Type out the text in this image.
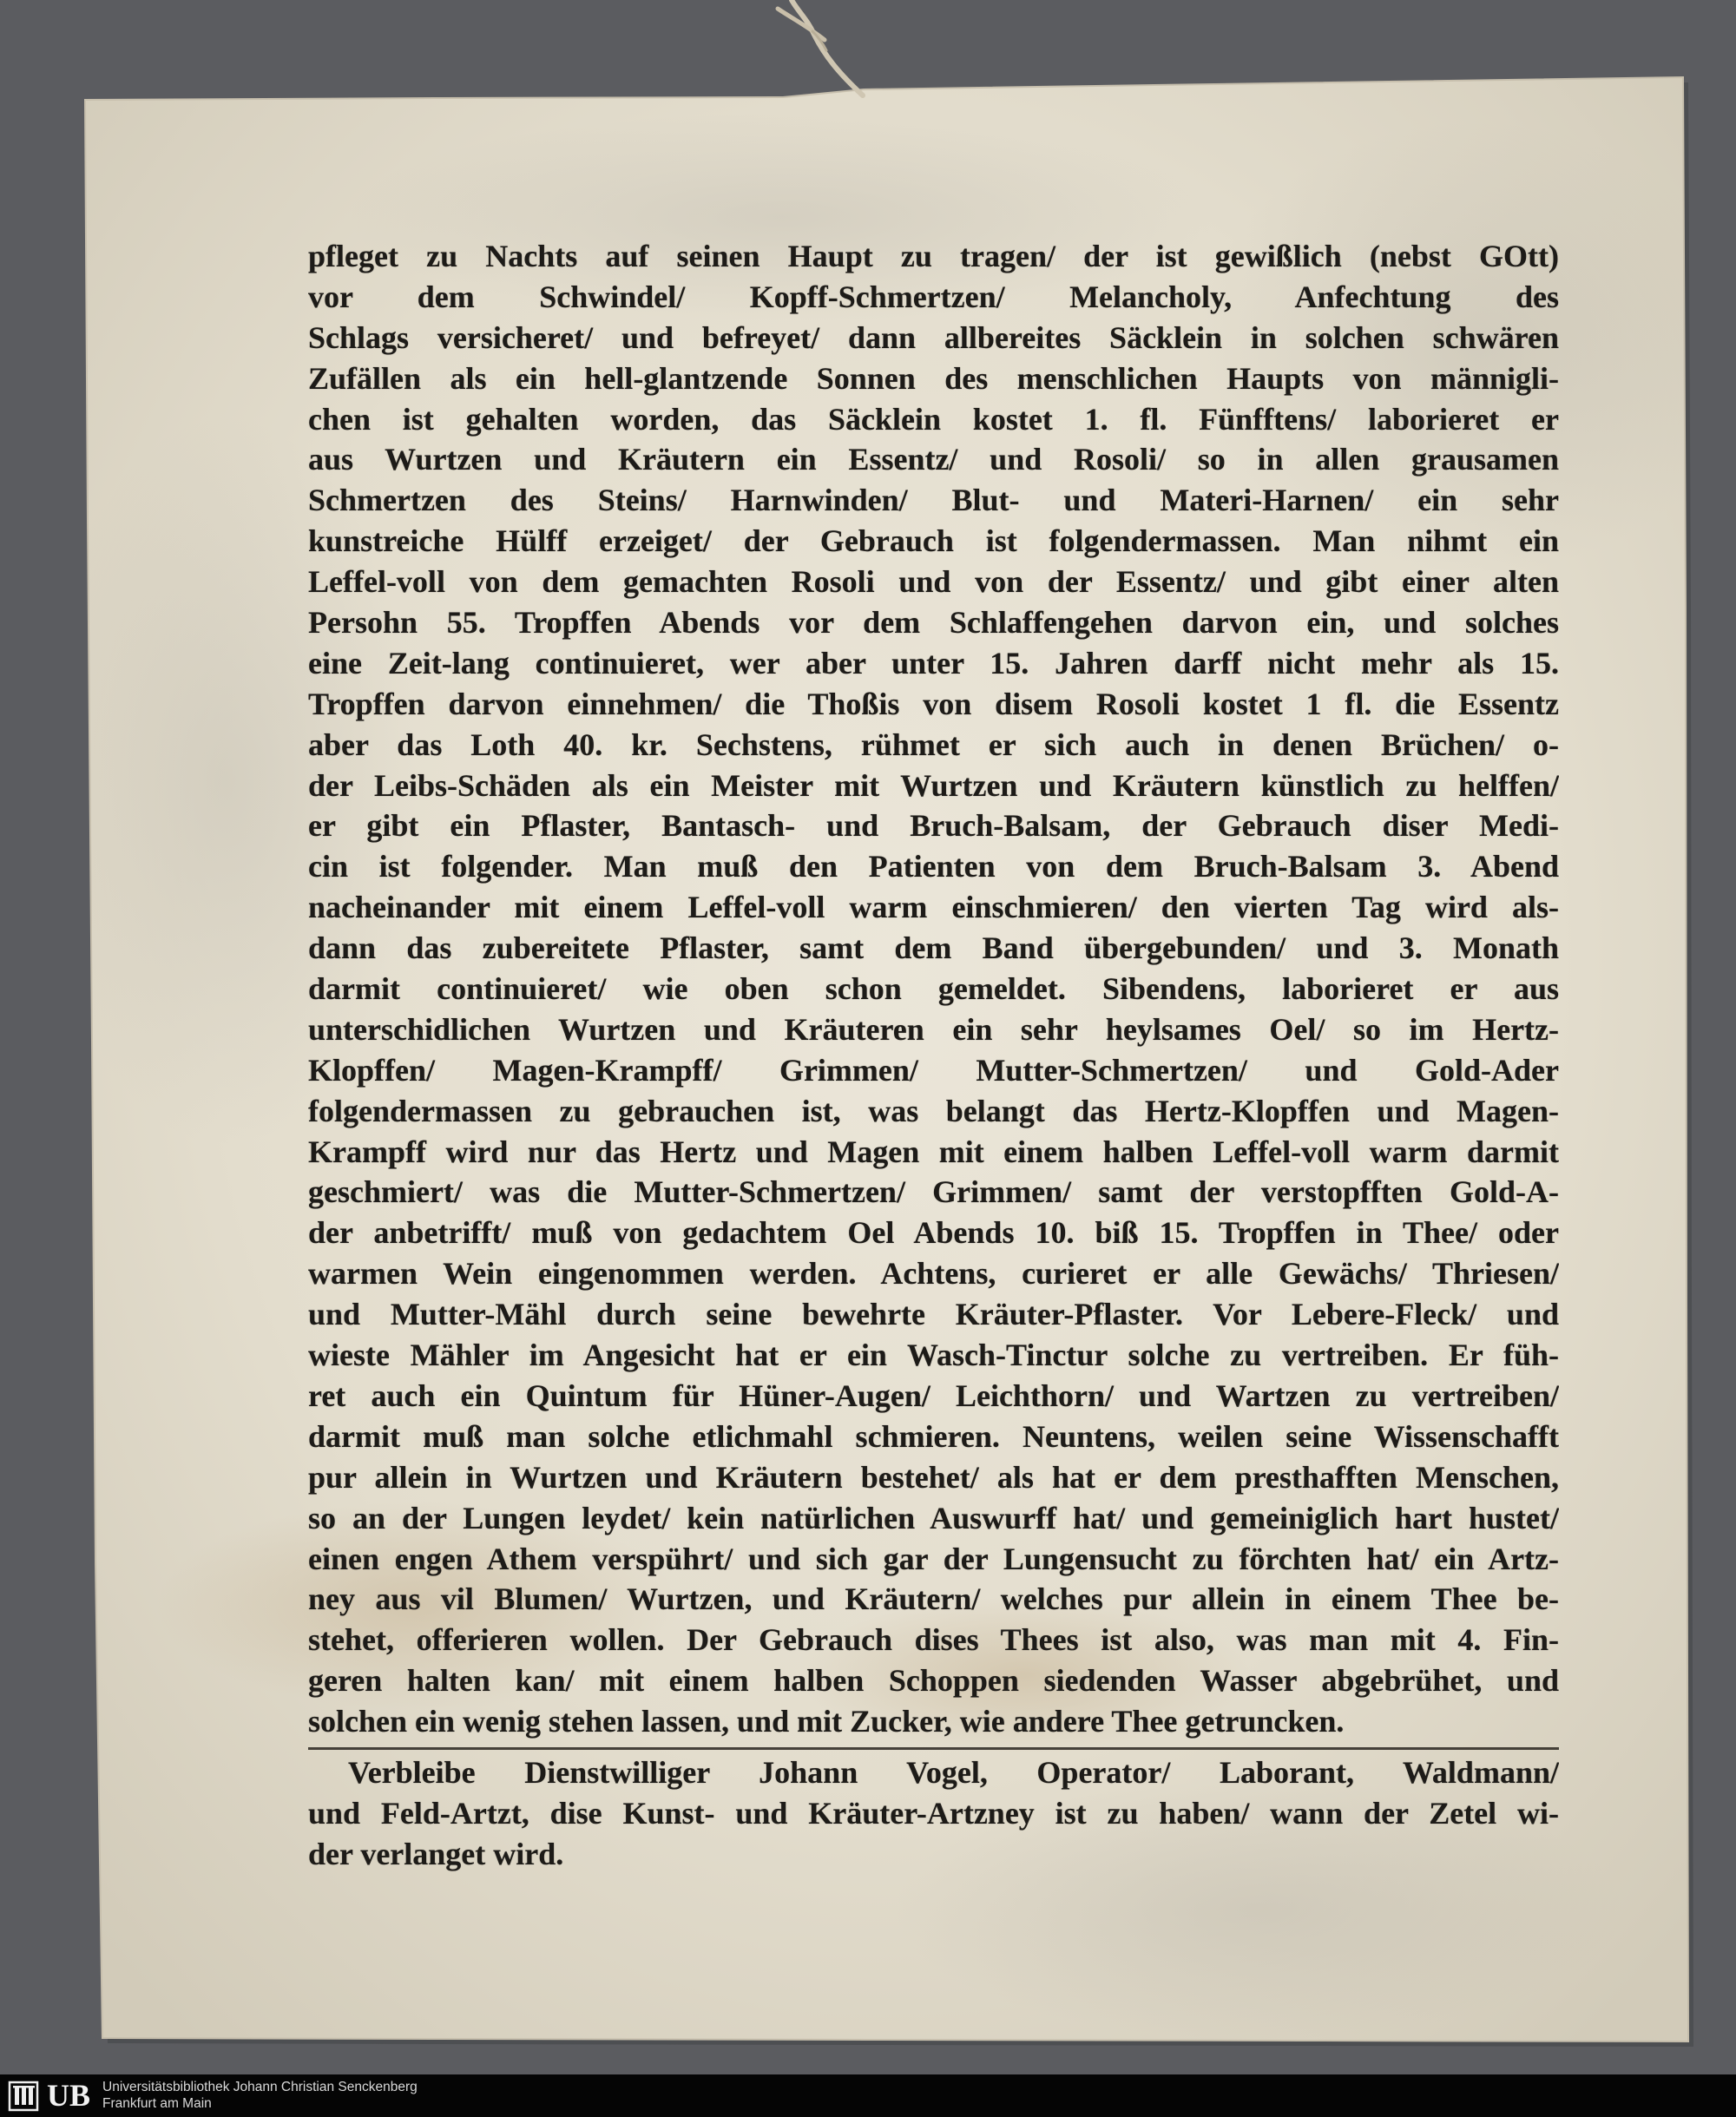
pfleget zu Nachts auf seinen Haupt zu tragen/ der ist gewißlich (nebst GOtt)
vor dem Schwindel/ Kopff-Schmertzen/ Melancholy, Anfechtung des
Schlags versicheret/ und befreyet/ dann allbereites Säcklein in solchen schwären
Zufällen als ein hell-glantzende Sonnen des menschlichen Haupts von männigli-
chen ist gehalten worden, das Säcklein kostet 1. fl. Fünfftens/ laborieret er
aus Wurtzen und Kräutern ein Essentz/ und Rosoli/ so in allen grausamen
Schmertzen des Steins/ Harnwinden/ Blut- und Materi-Harnen/ ein sehr
kunstreiche Hülff erzeiget/ der Gebrauch ist folgendermassen. Man nihmt ein
Leffel-voll von dem gemachten Rosoli und von der Essentz/ und gibt einer alten
Persohn 55. Tropffen Abends vor dem Schlaffengehen darvon ein, und solches
eine Zeit-lang continuieret, wer aber unter 15. Jahren darff nicht mehr als 15.
Tropffen darvon einnehmen/ die Thoßis von disem Rosoli kostet 1 fl. die Essentz
aber das Loth 40. kr. Sechstens, rühmet er sich auch in denen Brüchen/ o-
der Leibs-Schäden als ein Meister mit Wurtzen und Kräutern künstlich zu helffen/
er gibt ein Pflaster, Bantasch- und Bruch-Balsam, der Gebrauch diser Medi-
cin ist folgender. Man muß den Patienten von dem Bruch-Balsam 3. Abend
nacheinander mit einem Leffel-voll warm einschmieren/ den vierten Tag wird als-
dann das zubereitete Pflaster, samt dem Band übergebunden/ und 3. Monath
darmit continuieret/ wie oben schon gemeldet. Sibendens, laborieret er aus
unterschidlichen Wurtzen und Kräuteren ein sehr heylsames Oel/ so im Hertz-
Klopffen/ Magen-Krampff/ Grimmen/ Mutter-Schmertzen/ und Gold-Ader
folgendermassen zu gebrauchen ist, was belangt das Hertz-Klopffen und Magen-
Krampff wird nur das Hertz und Magen mit einem halben Leffel-voll warm darmit
geschmiert/ was die Mutter-Schmertzen/ Grimmen/ samt der verstopfften Gold-A-
der anbetrifft/ muß von gedachtem Oel Abends 10. biß 15. Tropffen in Thee/ oder
warmen Wein eingenommen werden. Achtens, curieret er alle Gewächs/ Thriesen/
und Mutter-Mähl durch seine bewehrte Kräuter-Pflaster. Vor Lebere-Fleck/ und
wieste Mähler im Angesicht hat er ein Wasch-Tinctur solche zu vertreiben. Er füh-
ret auch ein Quintum für Hüner-Augen/ Leichthorn/ und Wartzen zu vertreiben/
darmit muß man solche etlichmahl schmieren. Neuntens, weilen seine Wissenschafft
pur allein in Wurtzen und Kräutern bestehet/ als hat er dem presthafften Menschen,
so an der Lungen leydet/ kein natürlichen Auswurff hat/ und gemeiniglich hart hustet/
einen engen Athem verspührt/ und sich gar der Lungensucht zu förchten hat/ ein Artz-
ney aus vil Blumen/ Wurtzen, und Kräutern/ welches pur allein in einem Thee be-
stehet, offerieren wollen. Der Gebrauch dises Thees ist also, was man mit 4. Fin-
geren halten kan/ mit einem halben Schoppen siedenden Wasser abgebrühet, und
solchen ein wenig stehen lassen, und mit Zucker, wie andere Thee getruncken.
Verbleibe Dienstwilliger Johann Vogel, Operator/ Laborant, Waldmann/
und Feld-Artzt, dise Kunst- und Kräuter-Artzney ist zu haben/ wann der Zetel wi-
der verlanget wird.
UB Universitätsbibliothek Johann Christian Senckenberg
Frankfurt am Main
